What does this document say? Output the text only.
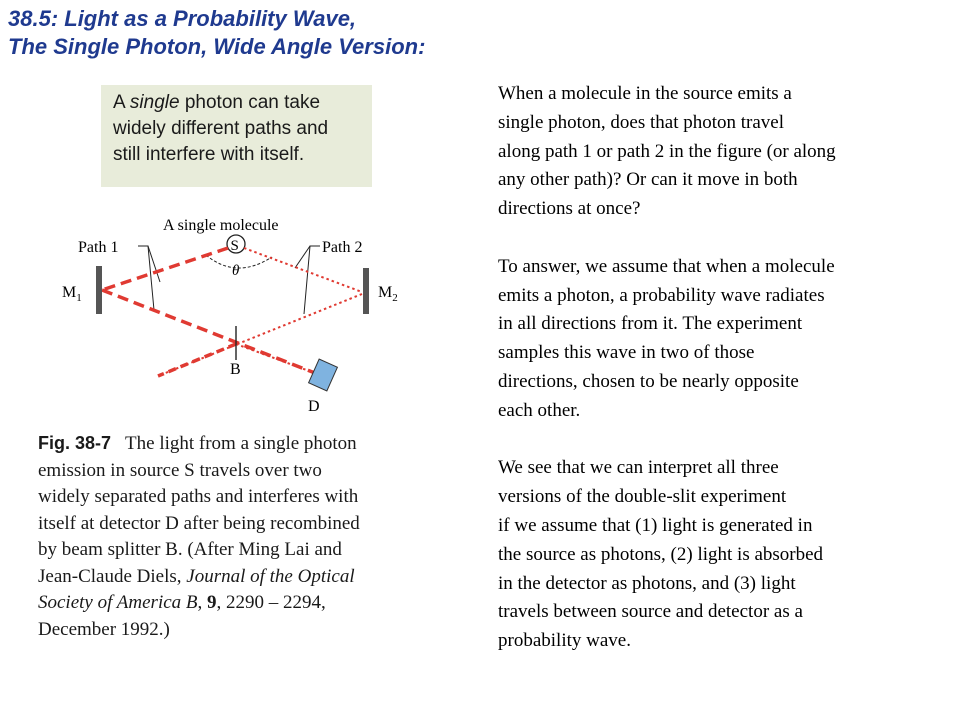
38.5: Light as a Probability Wave,
The Single Photon, Wide Angle Version:
A single photon can take
widely different paths and
still interfere with itself.
A single molecule
S
Path 1	Path 2
θ
$M_1$	$M_2$
B
D
Fig. 38-7 The light from a single photon
emission in source S travels over two
widely separated paths and interferes with
itself at detector D after being recombined
by beam splitter B. (After Ming Lai and
Jean-Claude Diels, Journal of the Optical
Society of America B, 9, 2290 – 2294,
December 1992.)
When a molecule in the source emits a
single photon, does that photon travel
along path 1 or path 2 in the figure (or along
any other path)? Or can it move in both
directions at once?
To answer, we assume that when a molecule
emits a photon, a probability wave radiates
in all directions from it. The experiment
samples this wave in two of those
directions, chosen to be nearly opposite
each other.
We see that we can interpret all three
versions of the double-slit experiment
if we assume that (1) light is generated in
the source as photons, (2) light is absorbed
in the detector as photons, and (3) light
travels between source and detector as a
probability wave.
